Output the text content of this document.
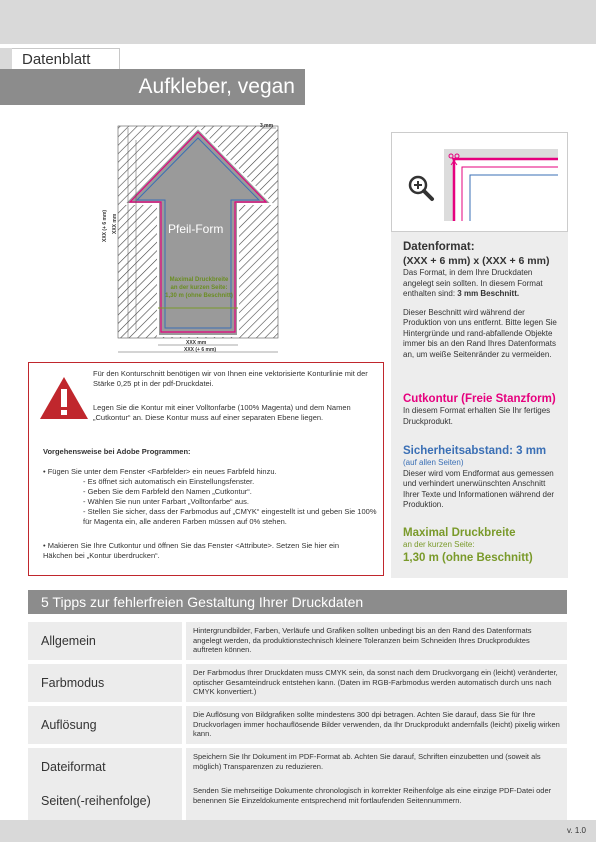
Datenblatt
Aufkleber, vegan
3 mm
Pfeil-Form
XXX (+ 6 mm) XXX mm
XXX mm
XXX (+ 6 mm)
Maximal Druckbreite
an der kurzen Seite:
1,30 m (ohne Beschnitt)
Datenformat:
(XXX + 6 mm) x (XXX + 6 mm)
Das Format, in dem Ihre Druckdaten angelegt sein sollten. In diesem Format enthalten sind: 3 mm Beschnitt.
Dieser Beschnitt wird während der Produktion von uns entfernt. Bitte legen Sie Hintergründe und rand-abfallende Objekte immer bis an den Rand Ihres Datenformats an, um weiße Seitenränder zu vermeiden.
Cutkontur (Freie Stanzform)
In diesem Format erhalten Sie Ihr fertiges Druckprodukt.
Sicherheitsabstand: 3 mm
(auf allen Seiten)
Dieser wird vom Endformat aus gemessen und verhindert unerwünschten Anschnitt Ihrer Texte und Informationen während der Produktion.
Maximal Druckbreite
an der kurzen Seite:
1,30 m (ohne Beschnitt)
Für den Konturschnitt benötigen wir von Ihnen eine vektorisierte Konturlinie mit der Stärke 0,25 pt in der pdf-Druckdatei.
Legen Sie die Kontur mit einer Volltonfarbe (100% Magenta) und dem Namen „Cutkontur“ an. Diese Kontur muss auf einer separaten Ebene liegen.
Vorgehensweise bei Adobe Programmen:
• Fügen Sie unter dem Fenster <Farbfelder> ein neues Farbfeld hinzu.
- Es öffnet sich automatisch ein Einstellungsfenster.
- Geben Sie dem Farbfeld den Namen „Cutkontur“.
- Wählen Sie nun unter Farbart „Volltonfarbe“ aus.
- Stellen Sie sicher, dass der Farbmodus auf „CMYK“ eingestellt ist und geben Sie 100% für Magenta ein, alle anderen Farben müssen auf 0% stehen.
• Makieren Sie Ihre Cutkontur und öffnen Sie das Fenster <Attribute>. Setzen Sie hier ein Häkchen bei „Kontur überdrucken“.
5 Tipps zur fehlerfreien Gestaltung Ihrer Druckdaten
Allgemein
Hintergrundbilder, Farben, Verläufe und Grafiken sollten unbedingt bis an den Rand des Datenformats angelegt werden, da produktionstechnisch kleinere Toleranzen beim Schneiden Ihres Druckproduktes auftreten können.
Farbmodus
Der Farbmodus Ihrer Druckdaten muss CMYK sein, da sonst nach dem Druckvorgang ein (leicht) veränderter, optischer Gesamteindruck entstehen kann. (Daten im RGB-Farbmodus werden automatisch durch uns nach CMYK konvertiert.)
Auflösung
Die Auflösung von Bildgrafiken sollte mindestens 300 dpi betragen. Achten Sie darauf, dass Sie für Ihre Druckvorlagen immer hochauflösende Bilder verwenden, da Ihr Druckprodukt andernfalls (leicht) pixelig wirken kann.
Dateiformat
Speichern Sie Ihr Dokument im PDF-Format ab. Achten Sie darauf, Schriften einzubetten und (soweit als möglich) Transparenzen zu reduzieren.
Seiten(-reihenfolge)
Senden Sie mehrseitige Dokumente chronologisch in korrekter Reihenfolge als eine einzige PDF-Datei oder benennen Sie Einzeldokumente entsprechend mit fortlaufenden Seitennummern.
v. 1.0
